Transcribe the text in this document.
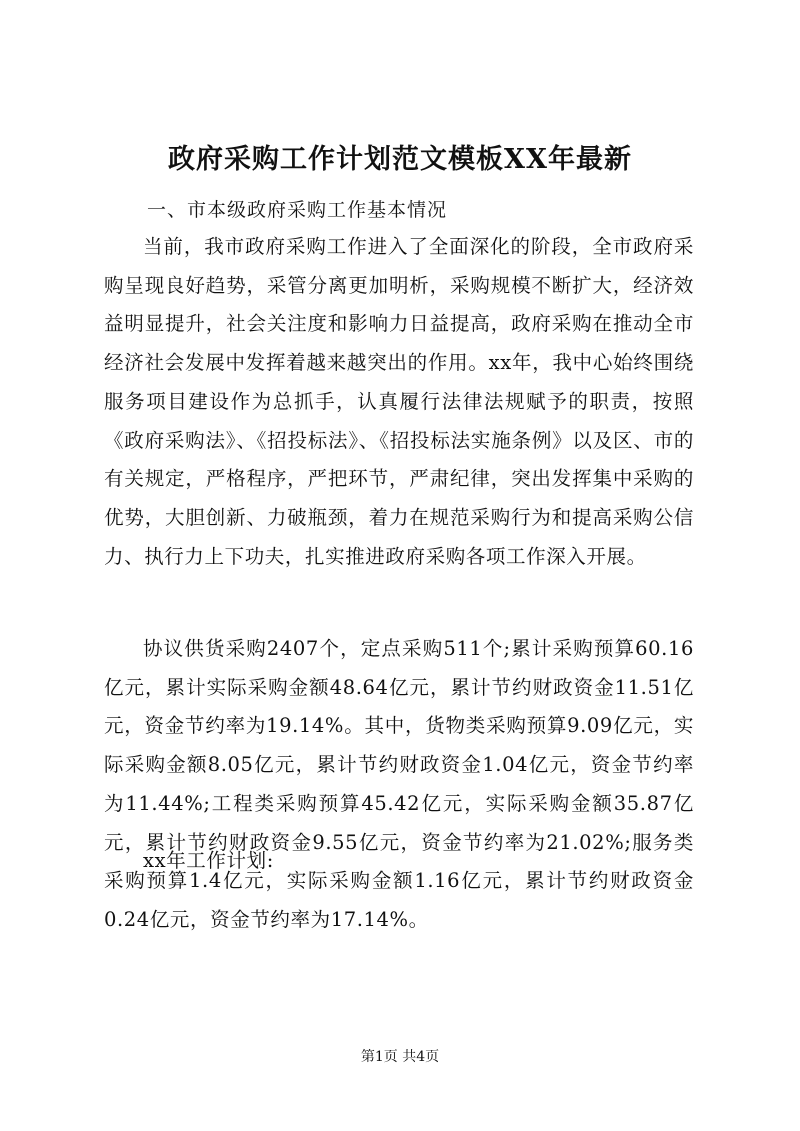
政府采购工作计划范文模板XX年最新

一、市本级政府采购工作基本情况

当前，我市政府采购工作进入了全面深化的阶段，全市政府采购呈现良好趋势，采管分离更加明析，采购规模不断扩大，经济效益明显提升，社会关注度和影响力日益提高，政府采购在推动全市经济社会发展中发挥着越来越突出的作用。xx年，我中心始终围绕服务项目建设作为总抓手，认真履行法律法规赋予的职责，按照《政府采购法》、《招投标法》、《招投标法实施条例》以及区、市的有关规定，严格程序，严把环节，严肃纪律，突出发挥集中采购的优势，大胆创新、力破瓶颈，着力在规范采购行为和提高采购公信力、执行力上下功夫，扎实推进政府采购各项工作深入开展。

协议供货采购2407个，定点采购511个;累计采购预算60.16亿元，累计实际采购金额48.64亿元，累计节约财政资金11.51亿元，资金节约率为19.14%。其中，货物类采购预算9.09亿元，实际采购金额8.05亿元，累计节约财政资金1.04亿元，资金节约率为11.44%;工程类采购预算45.42亿元，实际采购金额35.87亿元，累计节约财政资金9.55亿元，资金节约率为21.02%;服务类采购预算1.4亿元，实际采购金额1.16亿元，累计节约财政资金0.24亿元，资金节约率为17.14%。

xx年工作计划:

第1页 共4页
